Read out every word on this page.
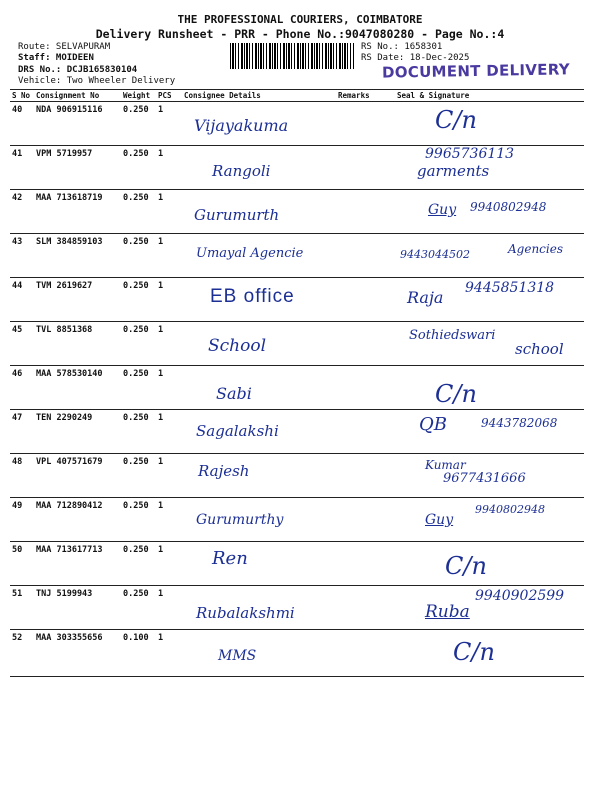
THE PROFESSIONAL COURIERS, COIMBATORE
Delivery Runsheet - PRR - Phone No.:9047080280 - Page No.:4
Route: SELVAPURAM
Staff: MOIDEEN
DRS No.: DCJB165830104
Vehicle: Two Wheeler Delivery
RS No.: 1658301
RS Date: 18-Dec-2025
DOCUMENT DELIVERY
S No	Consignment No	Weight	PCS	Consignee Details	Remarks	Seal & Signature
40	NDA 906915116	0.250	1	Vijayakuma		C/n

41	VPM 5719957	0.250	1	Rangoli		9965736113
garments

42	MAA 713618719	0.250	1	Gurumurth		Guy 9940802948

43	SLM 384859103	0.250	1	Umayal Agencie		9443044502 Agencies

44	TVM 2619627	0.250	1	EB office		Raja 9445851318

45	TVL 8851368	0.250	1	School		Sothiedswari
school

46	MAA 578530140	0.250	1	Sabi		C/n

47	TEN 2290249	0.250	1	Sagalakshi		QB 9443782068

48	VPL 407571679	0.250	1	Rajesh		Kumar
9677431666

49	MAA 712890412	0.250	1	Gurumurthy		Guy
9940802948

50	MAA 713617713	0.250	1	Ren		C/n

51	TNJ 5199943	0.250	1	Rubalakshmi		Ruba
9940902599

52	MAA 303355656	0.100	1	MMS		C/n
